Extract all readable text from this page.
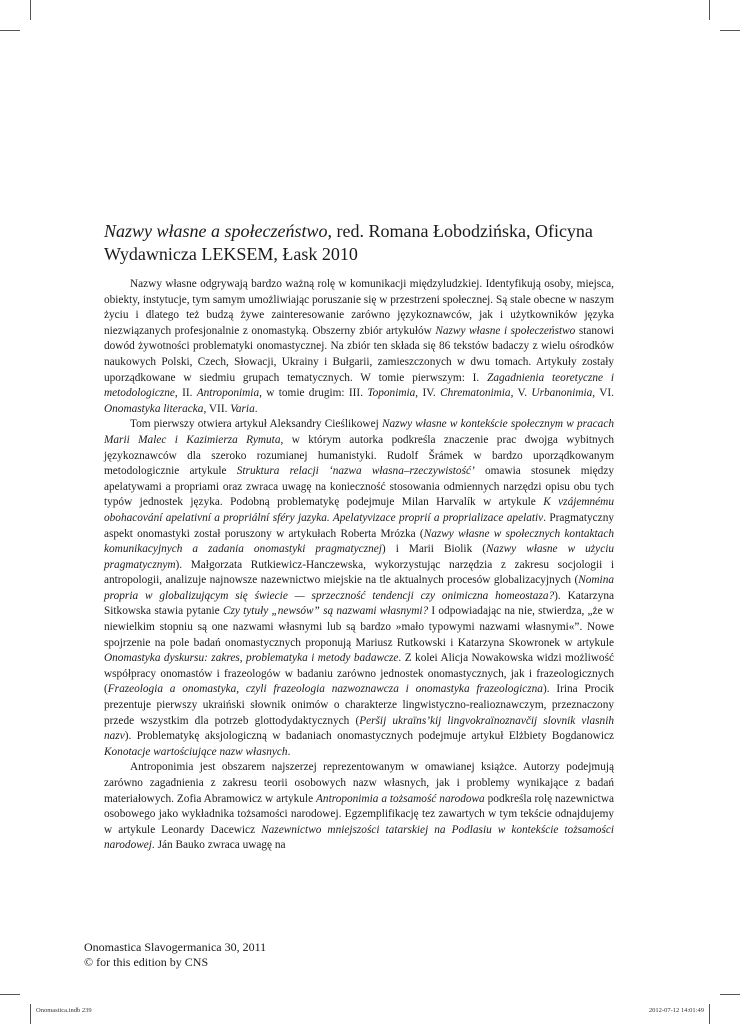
Nazwy własne a społeczeństwo, red. Romana Łobodzińska, Oficyna Wydawnicza LEKSEM, Łask 2010

Nazwy własne odgrywają bardzo ważną rolę w komunikacji międzyludzkiej. Identyfikują osoby, miejsca, obiekty, instytucje, tym samym umożliwiając poruszanie się w przestrzeni społecznej. Są stale obecne w naszym życiu i dlatego też budzą żywe zainteresowanie zarówno językoznawców, jak i użytkowników języka niezwiązanych profesjonalnie z onomastyką. Obszerny zbiór artykułów Nazwy własne i społeczeństwo stanowi dowód żywotności problematyki onomastycznej. Na zbiór ten składa się 86 tekstów badaczy z wielu ośrodków naukowych Polski, Czech, Słowacji, Ukrainy i Bułgarii, zamieszczonych w dwu tomach. Artykuły zostały uporządkowane w siedmiu grupach tematycznych. W tomie pierwszym: I. Zagadnienia teoretyczne i metodologiczne, II. Antroponimia, w tomie drugim: III. Toponimia, IV. Chrematonimia, V. Urbanonimia, VI. Onomastyka literacka, VII. Varia.

Tom pierwszy otwiera artykuł Aleksandry Cieślikowej Nazwy własne w kontekście społecznym w pracach Marii Malec i Kazimierza Rymuta, w którym autorka podkreśla znaczenie prac dwojga wybitnych językoznawców dla szeroko rozumianej humanistyki. Rudolf Šrámek w bardzo uporządkowanym metodologicznie artykule Struktura relacji ‘nazwa własna–rzeczywistość’ omawia stosunek między apelatywami a propriami oraz zwraca uwagę na konieczność stosowania odmiennych narzędzi opisu obu tych typów jednostek języka. Podobną problematykę podejmuje Milan Harvalík w artykule K vzájemnému obohacování apelativní a propriální sféry jazyka. Apelatyvizace proprií a proprializace apelativ. Pragmatyczny aspekt onomastyki został poruszony w artykułach Roberta Mrózka (Nazwy własne w społecznych kontaktach komunikacyjnych a zadania onomastyki pragmatycznej) i Marii Biolik (Nazwy własne w użyciu pragmatycznym). Małgorzata Rutkiewicz-Hanczewska, wykorzystując narzędzia z zakresu socjologii i antropologii, analizuje najnowsze nazewnictwo miejskie na tle aktualnych procesów globalizacyjnych (Nomina propria w globalizującym się świecie — sprzeczność tendencji czy onimiczna homeostaza?). Katarzyna Sitkowska stawia pytanie Czy tytuły „newsów” są nazwami własnymi? I odpowiadając na nie, stwierdza, „że w niewielkim stopniu są one nazwami własnymi lub są bardzo »mało typowymi nazwami własnymi«”. Nowe spojrzenie na pole badań onomastycznych proponują Mariusz Rutkowski i Katarzyna Skowronek w artykule Onomastyka dyskursu: zakres, problematyka i metody badawcze. Z kolei Alicja Nowakowska widzi możliwość współpracy onomastów i frazeologów w badaniu zarówno jednostek onomastycznych, jak i frazeologicznych (Frazeologia a onomastyka, czyli frazeologia nazwoznawcza i onomastyka frazeologiczna). Irina Procik prezentuje pierwszy ukraiński słownik onimów o charakterze lingwistyczno-realioznawczym, przeznaczony przede wszystkim dla potrzeb glottodydaktycznych (Peršij ukraïns’kij lingvokraïnoznavčij slovnik vlasnih nazv). Problematykę aksjologiczną w badaniach onomastycznych podejmuje artykuł Elżbiety Bogdanowicz Konotacje wartościujące nazw własnych.

Antroponimia jest obszarem najszerzej reprezentowanym w omawianej książce. Autorzy podejmują zarówno zagadnienia z zakresu teorii osobowych nazw własnych, jak i problemy wynikające z badań materiałowych. Zofia Abramowicz w artykule Antroponimia a tożsamość narodowa podkreśla rolę nazewnictwa osobowego jako wykładnika tożsamości narodowej. Egzemplifikację tez zawartych w tym tekście odnajdujemy w artykule Leonardy Dacewicz Nazewnictwo mniejszości tatarskiej na Podlasiu w kontekście tożsamości narodowej. Ján Bauko zwraca uwagę na

Onomastica Slavogermanica 30, 2011
© for this edition by CNS
Onomastica.indb 239	2012-07-12 14:01:49
